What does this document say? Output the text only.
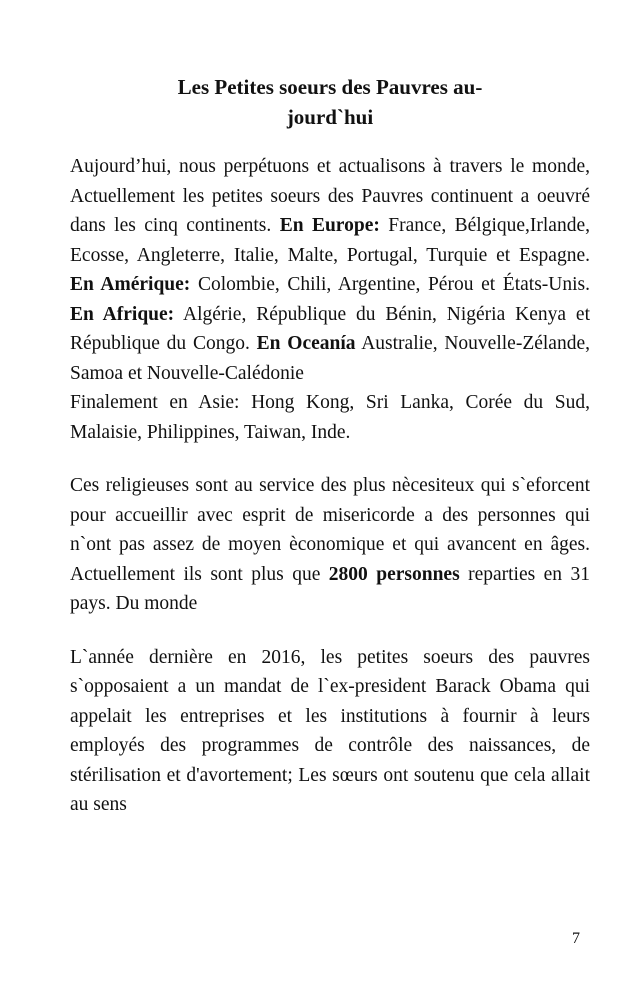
Les Petites soeurs des Pauvres au-
jourd`hui

Aujourd’hui, nous perpétuons et actualisons à travers le monde, Actuellement les petites soeurs des Pauvres continuent a oeuvré dans les cinq continents. En Europe: France, Bélgique,Irlande, Ecosse, Angleterre, Italie, Malte, Portugal, Turquie et Espagne. En Amérique: Colombie, Chili, Argentine, Pérou et États-Unis. En Afrique: Algérie, République du Bénin, Nigéria Kenya et République du Congo. En Oceanía Australie, Nouvelle-Zélande, Samoa et Nouvelle-Calédonie
Finalement en Asie: Hong Kong, Sri Lanka, Corée du Sud, Malaisie, Philippines, Taiwan, Inde.

Ces religieuses sont au service des plus nècesiteux qui s`eforcent pour accueillir avec esprit de misericorde a des personnes qui n`ont pas assez de moyen èconomique et qui avancent en âges. Actuellement ils sont plus que 2800 personnes reparties en 31 pays. Du monde

L`année dernière en 2016, les petites soeurs des pauvres s`opposaient a un mandat de l`ex-president Barack Obama qui appelait les entreprises et les institutions à fournir à leurs employés des programmes de contrôle des naissances, de stérilisation et d'avortement; Les sœurs ont soutenu que cela allait au sens

7
